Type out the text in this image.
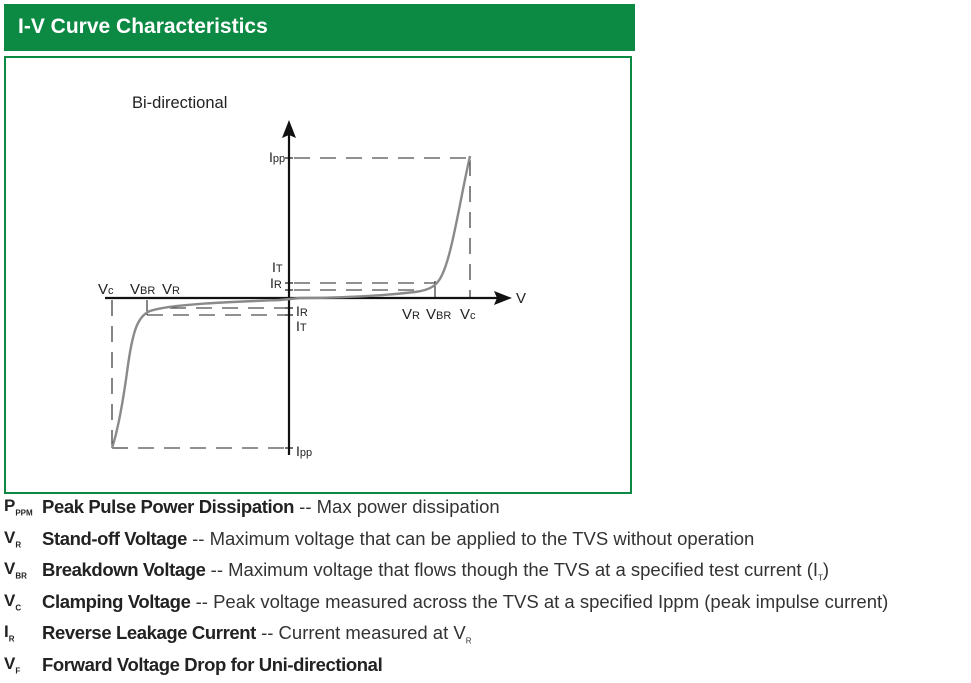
I-V Curve Characteristics
Bi-directional
Ipp
IT
IR
IR
IT
Ipp
Vc VBR VR
VR VBR Vc
V
$P_{PPM}$ Peak Pulse Power Dissipation -- Max power dissipation
$V_R$ Stand-off Voltage -- Maximum voltage that can be applied to the TVS without operation
$V_{BR}$ Breakdown Voltage -- Maximum voltage that flows though the TVS at a specified test current $(I_T)$
$V_C$ Clamping Voltage -- Peak voltage measured across the TVS at a specified Ippm (peak impulse current)
$I_R$ Reverse Leakage Current -- Current measured at $V_R$
$V_F$ Forward Voltage Drop for Uni-directional
